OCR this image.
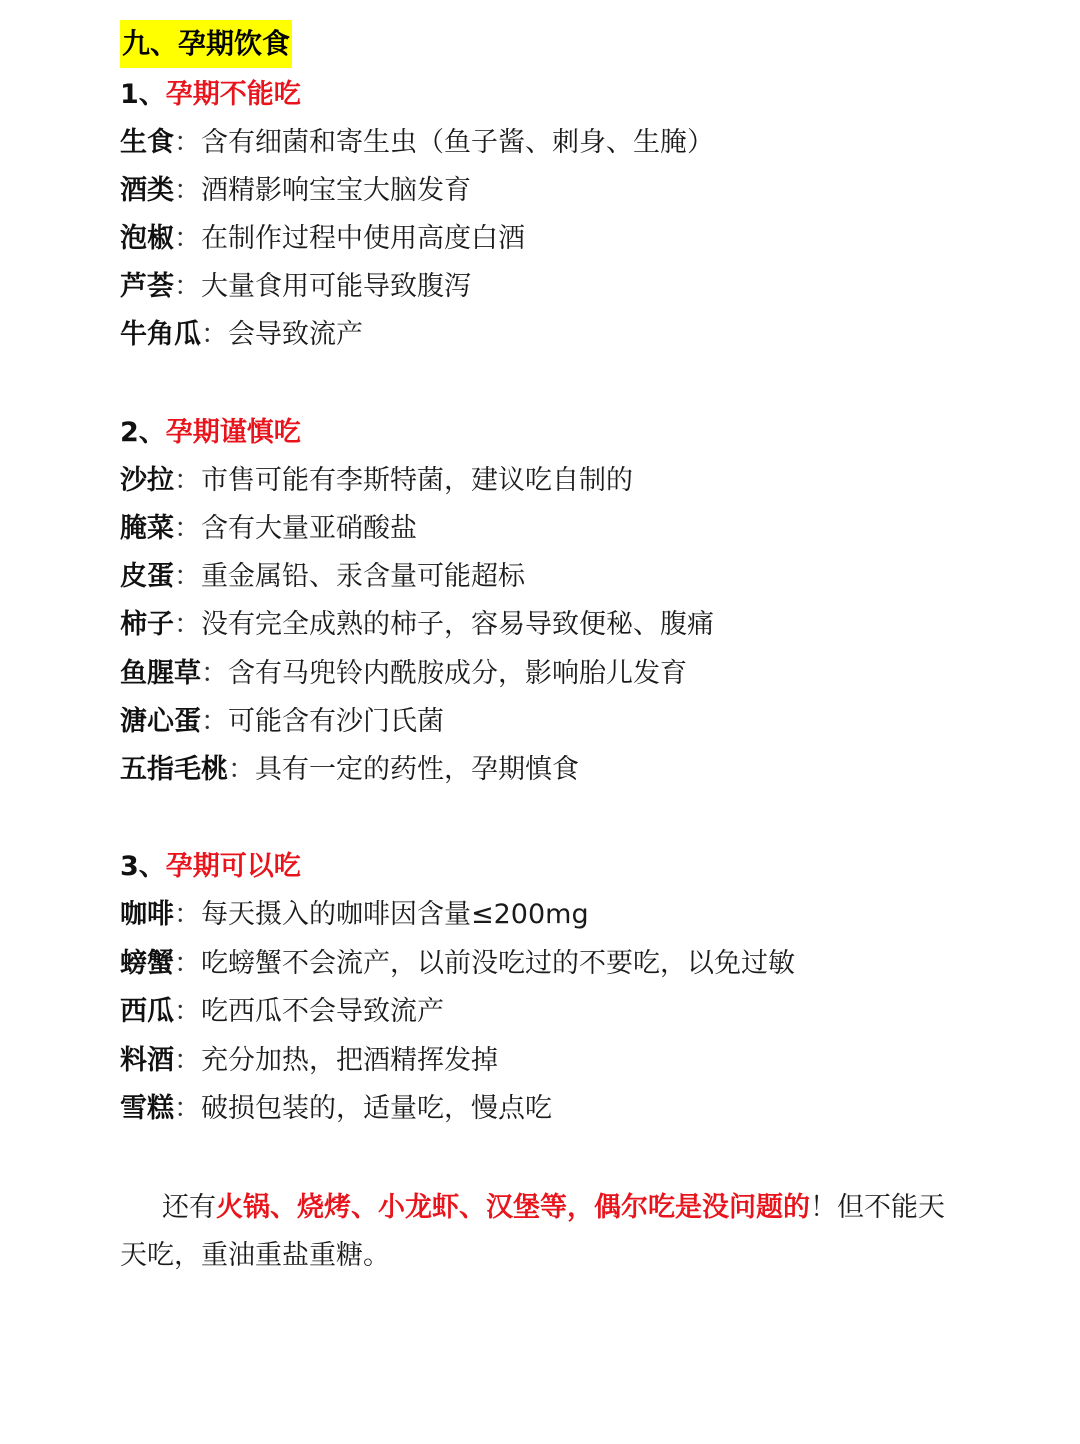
九、孕期饮食
1、孕期不能吃
生食：含有细菌和寄生虫（鱼子酱、刺身、生腌）
酒类：酒精影响宝宝大脑发育
泡椒：在制作过程中使用高度白酒
芦荟：大量食用可能导致腹泻
牛角瓜：会导致流产
2、孕期谨慎吃
沙拉：市售可能有李斯特菌，建议吃自制的
腌菜：含有大量亚硝酸盐
皮蛋：重金属铅、汞含量可能超标
柿子：没有完全成熟的柿子，容易导致便秘、腹痛
鱼腥草：含有马兜铃内酰胺成分，影响胎儿发育
溏心蛋：可能含有沙门氏菌
五指毛桃：具有一定的药性，孕期慎食
3、孕期可以吃
咖啡：每天摄入的咖啡因含量≤200mg
螃蟹：吃螃蟹不会流产，以前没吃过的不要吃，以免过敏
西瓜：吃西瓜不会导致流产
料酒：充分加热，把酒精挥发掉
雪糕：破损包装的，适量吃，慢点吃
还有火锅、烧烤、小龙虾、汉堡等，偶尔吃是没问题的！但不能天天吃，重油重盐重糖。
